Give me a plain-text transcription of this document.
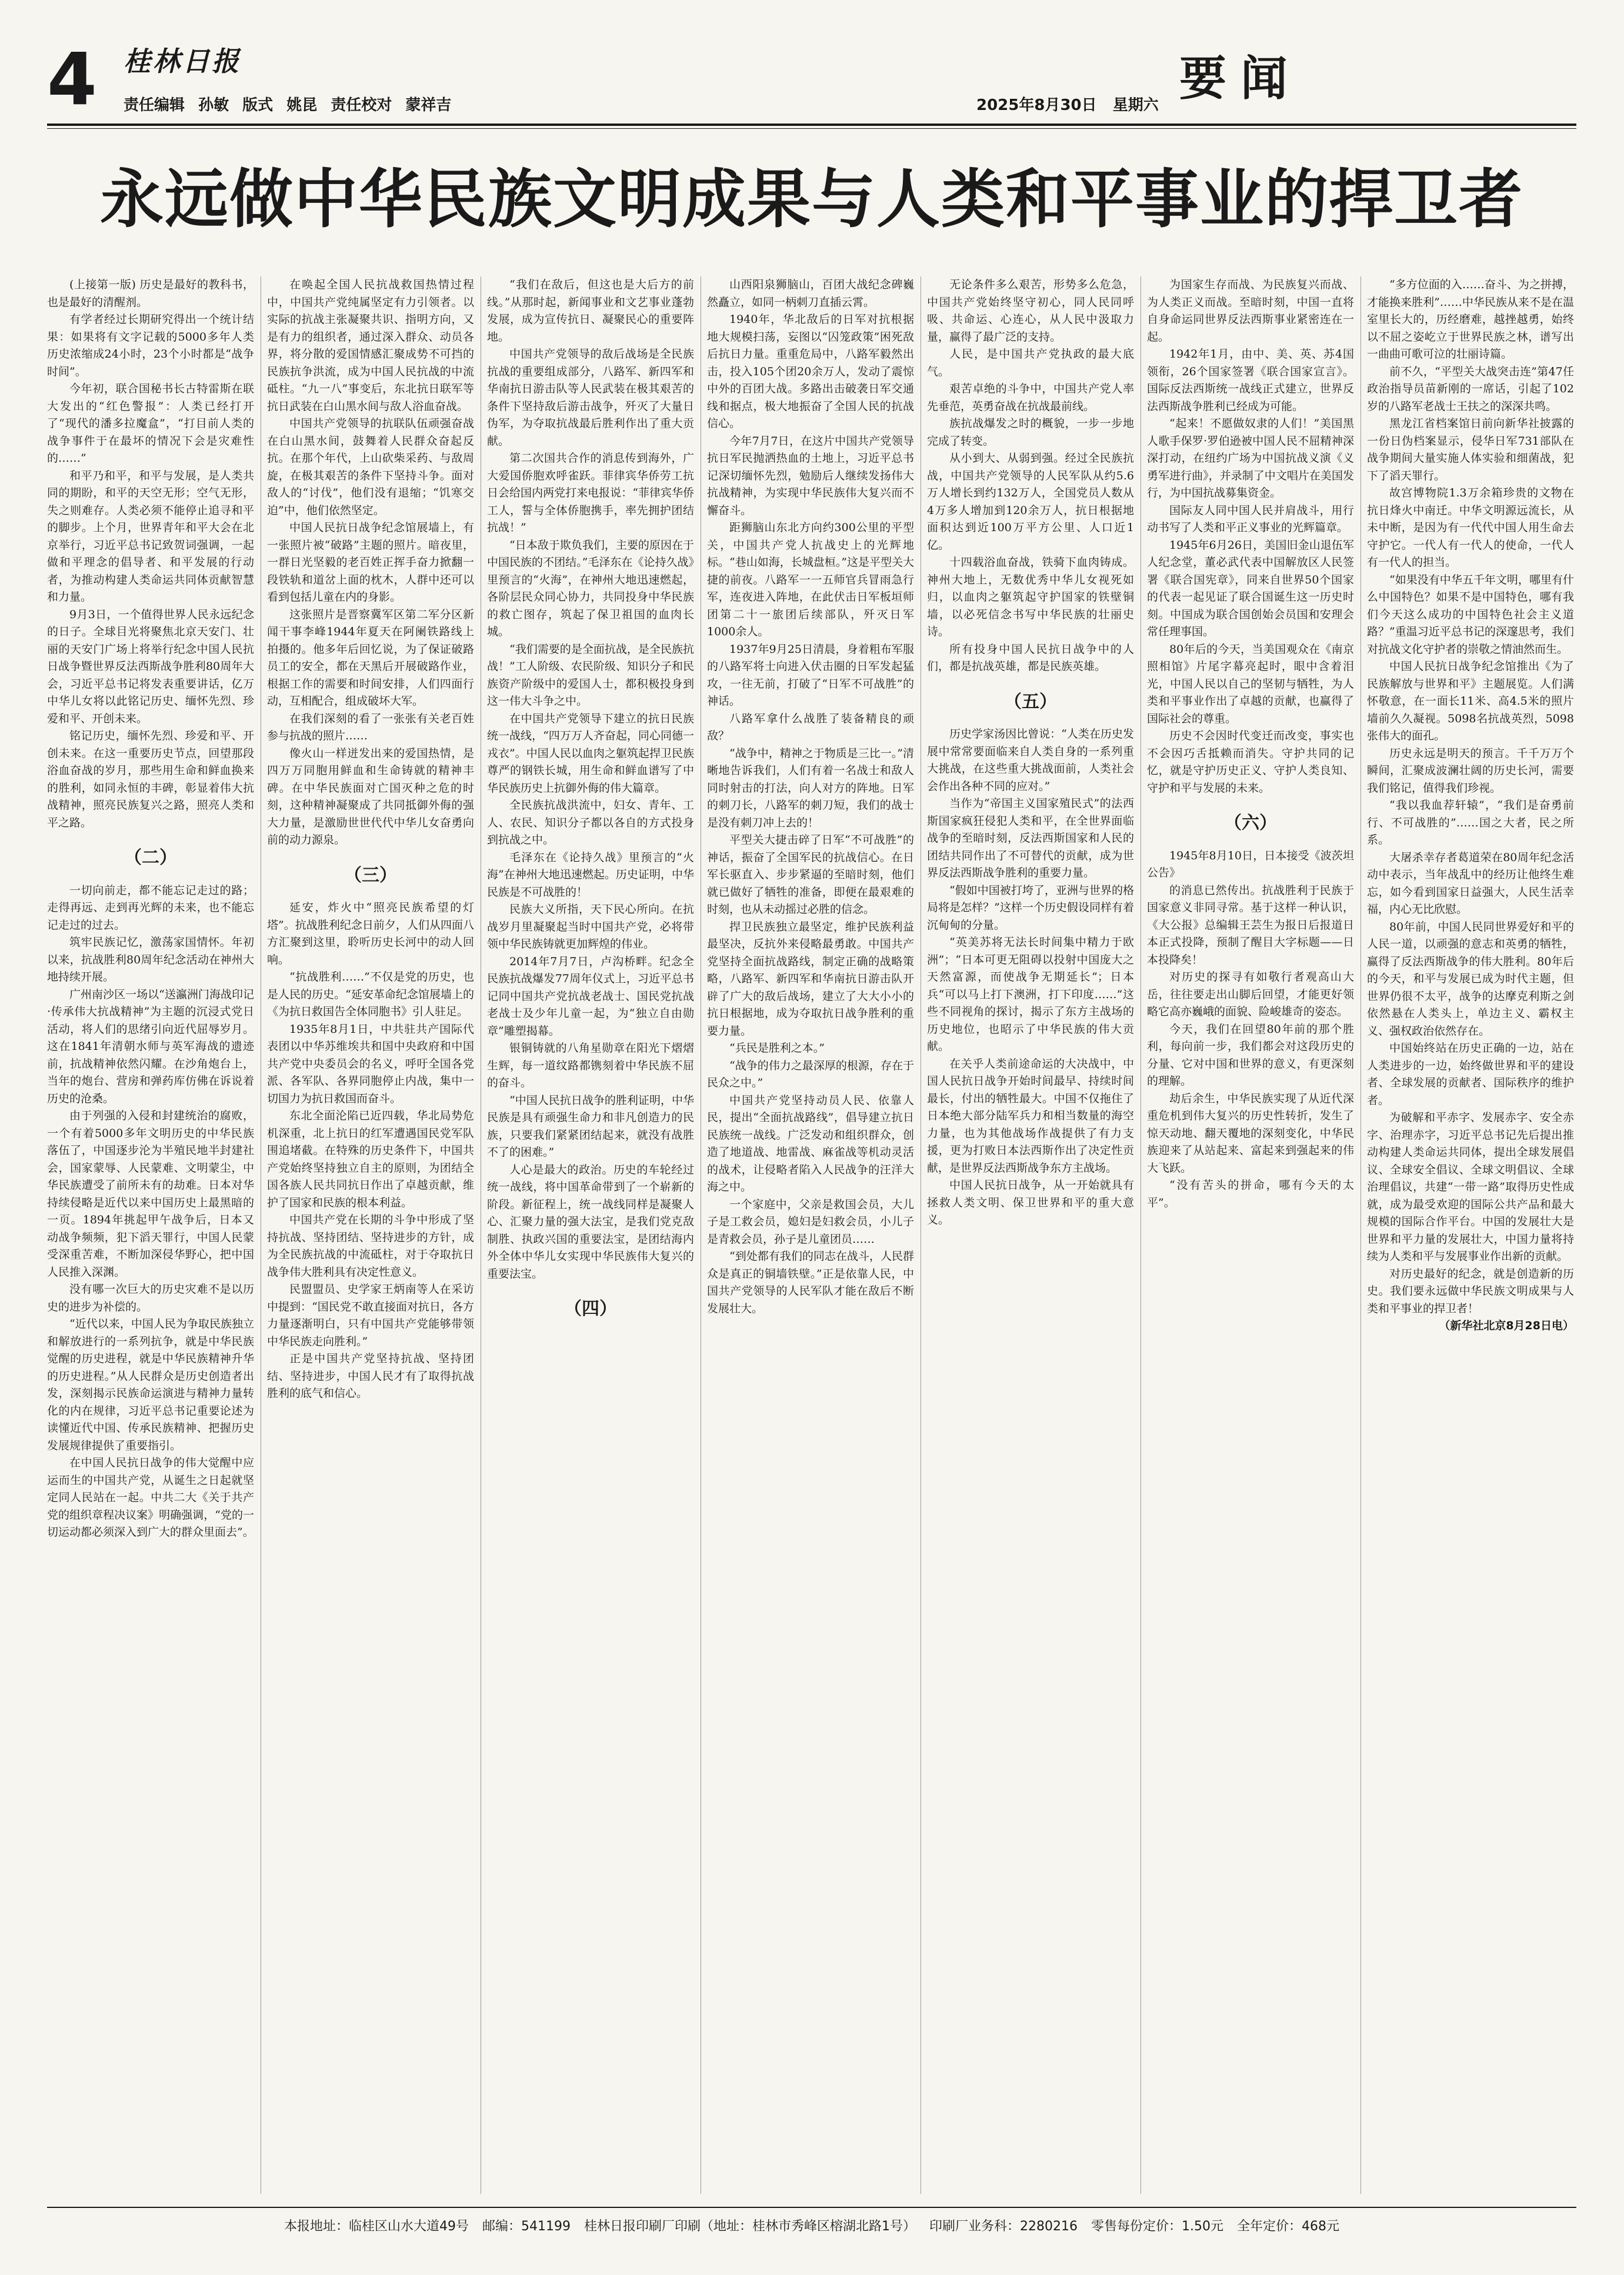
4 桂林日报
责任编辑 孙敏 版式 姚昆 责任校对 蒙祥吉	2025年8月30日 星期六 要闻
永远做中华民族文明成果与人类和平事业的捍卫者

(上接第一版) 历史是最好的教科书，也是最好的清醒剂。

有学者经过长期研究得出一个统计结果：如果将有文字记载的5000多年人类历史浓缩成24小时，23个小时都是“战争时间”。

今年初，联合国秘书长古特雷斯在联大发出的“红色警报”：人类已经打开了“现代的潘多拉魔盒”，“打目前人类的战争事件于在最坏的情况下会是灾难性的……”

和平乃和平，和平与发展，是人类共同的期盼，和平的天空无形；空气无形，失之则难存。人类必须不能停止追寻和平的脚步。上个月，世界青年和平大会在北京举行，习近平总书记致贺词强调，一起做和平理念的倡导者、和平发展的行动者，为推动构建人类命运共同体贡献智慧和力量。

9月3日，一个值得世界人民永远纪念的日子。全球目光将聚焦北京天安门、壮丽的天安门广场上将举行纪念中国人民抗日战争暨世界反法西斯战争胜利80周年大会，习近平总书记将发表重要讲话，亿万中华儿女将以此铭记历史、缅怀先烈、珍爱和平、开创未来。

铭记历史，缅怀先烈、珍爱和平、开创未来。在这一重要历史节点，回望那段浴血奋战的岁月，那些用生命和鲜血换来的胜利，如同永恒的丰碑，彰显着伟大抗战精神，照亮民族复兴之路，照亮人类和平之路。

（二）

一切向前走，都不能忘记走过的路；走得再远、走到再光辉的未来，也不能忘记走过的过去。

筑牢民族记忆，激荡家国情怀。年初以来，抗战胜利80周年纪念活动在神州大地持续开展。

广州南沙区一场以“送瀛洲门海战印记·传承伟大抗战精神”为主题的沉浸式党日活动，将人们的思绪引向近代屈辱岁月。这在1841年清朝水师与英军海战的遗迹前，抗战精神依然闪耀。在沙角炮台上，当年的炮台、营房和弹药库仿佛在诉说着历史的沧桑。

由于列强的入侵和封建统治的腐败，一个有着5000多年文明历史的中华民族落伍了，中国逐步沦为半殖民地半封建社会，国家蒙辱、人民蒙难、文明蒙尘，中华民族遭受了前所未有的劫难。日本对华持续侵略是近代以来中国历史上最黑暗的一页。1894年挑起甲午战争后，日本又动战争频频，犯下滔天罪行，中国人民蒙受深重苦难，不断加深侵华野心，把中国人民推入深渊。

没有哪一次巨大的历史灾难不是以历史的进步为补偿的。

“近代以来，中国人民为争取民族独立和解放进行的一系列抗争，就是中华民族觉醒的历史进程，就是中华民族精神升华的历史进程。”从人民群众是历史创造者出发，深刻揭示民族命运演进与精神力量转化的内在规律，习近平总书记重要论述为读懂近代中国、传承民族精神、把握历史发展规律提供了重要指引。

在中国人民抗日战争的伟大觉醒中应运而生的中国共产党，从诞生之日起就坚定同人民站在一起。中共二大《关于共产党的组织章程决议案》明确强调，“党的一切运动都必须深入到广大的群众里面去”。

在唤起全国人民抗战救国热情过程中，中国共产党纯属坚定有力引领者。以实际的抗战主张凝聚共识、指明方向，又是有力的组织者，通过深入群众、动员各界，将分散的爱国情感汇聚成势不可挡的民族抗争洪流，成为中国人民抗战的中流砥柱。“九一八”事变后，东北抗日联军等抗日武装在白山黑水间与敌人浴血奋战。

中国共产党领导的抗联队伍顽强奋战在白山黑水间，鼓舞着人民群众奋起反抗。在那个年代，上山砍柴采药、与敌周旋，在极其艰苦的条件下坚持斗争。面对敌人的“讨伐”，他们没有退缩；“饥寒交迫”中，他们依然坚定。

中国人民抗日战争纪念馆展墙上，有一张照片被“破路”主题的照片。暗夜里，一群日光坚毅的老百姓正挥手奋力掀翻一段铁轨和道岔上面的枕木，人群中还可以看到包括儿童在内的身影。

这张照片是晋察冀军区第二军分区新闻干事李峰1944年夏天在阿阑铁路线上拍摄的。他多年后回忆说，为了保证破路员工的安全，都在天黑后开展破路作业，根据工作的需要和时间安排，人们四面行动，互相配合，组成破坏大军。

在我们深刻的看了一张张有关老百姓参与抗战的照片……

像火山一样迸发出来的爱国热情，是四万万同胞用鲜血和生命铸就的精神丰碑。在中华民族面对亡国灭种之危的时刻，这种精神凝聚成了共同抵御外侮的强大力量，是激励世世代代中华儿女奋勇向前的动力源泉。

（三）

延安，炸火中“照亮民族希望的灯塔”。抗战胜利纪念日前夕，人们从四面八方汇聚到这里，聆听历史长河中的动人回响。

“抗战胜利……”不仅是党的历史，也是人民的历史。“延安革命纪念馆展墙上的《为抗日救国告全体同胞书》引人驻足。

1935年8月1日，中共驻共产国际代表团以中华苏维埃共和国中央政府和中国共产党中央委员会的名义，呼吁全国各党派、各军队、各界同胞停止内战，集中一切国力为抗日救国而奋斗。

东北全面沦陷已近四载，华北局势危机深重，北上抗日的红军遭遇国民党军队围追堵截。在特殊的历史条件下，中国共产党始终坚持独立自主的原则，为团结全国各族人民共同抗日作出了卓越贡献，维护了国家和民族的根本利益。

中国共产党在长期的斗争中形成了坚持抗战、坚持团结、坚持进步的方针，成为全民族抗战的中流砥柱，对于夺取抗日战争伟大胜利具有决定性意义。

民盟盟员、史学家王炳南等人在采访中提到：“国民党不敢直接面对抗日，各方力量逐渐明白，只有中国共产党能够带领中华民族走向胜利。”

正是中国共产党坚持抗战、坚持团结、坚持进步，中国人民才有了取得抗战胜利的底气和信心。

“我们在敌后，但这也是大后方的前线。”从那时起，新闻事业和文艺事业蓬勃发展，成为宣传抗日、凝聚民心的重要阵地。

中国共产党领导的敌后战场是全民族抗战的重要组成部分，八路军、新四军和华南抗日游击队等人民武装在极其艰苦的条件下坚持敌后游击战争，歼灭了大量日伪军，为夺取抗战最后胜利作出了重大贡献。

第二次国共合作的消息传到海外，广大爱国侨胞欢呼雀跃。菲律宾华侨劳工抗日会给国内两党打来电报说：“菲律宾华侨工人，誓与全体侨胞携手，率先拥护团结抗战！”

“日本敌于欺负我们，主要的原因在于中国民族的不团结。”毛泽东在《论持久战》里预言的“火海”，在神州大地迅速燃起，各阶层民众同心协力，共同投身中华民族的救亡图存，筑起了保卫祖国的血肉长城。

“我们需要的是全面抗战，是全民族抗战！”工人阶级、农民阶级、知识分子和民族资产阶级中的爱国人士，都积极投身到这一伟大斗争之中。

在中国共产党领导下建立的抗日民族统一战线，“四万万人齐奋起，同心同德一戎衣”。中国人民以血肉之躯筑起捍卫民族尊严的钢铁长城，用生命和鲜血谱写了中华民族历史上抗御外侮的伟大篇章。

全民族抗战洪流中，妇女、青年、工人、农民、知识分子都以各自的方式投身到抗战之中。

毛泽东在《论持久战》里预言的“火海”在神州大地迅速燃起。历史证明，中华民族是不可战胜的！

民族大义所指，天下民心所向。在抗战岁月里凝聚起当时中国共产党，必将带领中华民族铸就更加辉煌的伟业。

2014年7月7日，卢沟桥畔。纪念全民族抗战爆发77周年仪式上，习近平总书记同中国共产党抗战老战士、国民党抗战老战士及少年儿童一起，为“独立自由勋章”雕塑揭幕。

银铜铸就的八角星勋章在阳光下熠熠生辉，每一道纹路都镌刻着中华民族不屈的奋斗。

“中国人民抗日战争的胜利证明，中华民族是具有顽强生命力和非凡创造力的民族，只要我们紧紧团结起来，就没有战胜不了的困难。”

人心是最大的政治。历史的车轮经过统一战线，将中国革命带到了一个崭新的阶段。新征程上，统一战线同样是凝聚人心、汇聚力量的强大法宝，是我们党克敌制胜、执政兴国的重要法宝，是团结海内外全体中华儿女实现中华民族伟大复兴的重要法宝。

（四）

山西阳泉狮脑山，百团大战纪念碑巍然矗立，如同一柄刺刀直插云霄。

1940年，华北敌后的日军对抗根据地大规模扫荡，妄图以“囚笼政策”困死敌后抗日力量。重重危局中，八路军毅然出击，投入105个团20余万人，发动了震惊中外的百团大战。多路出击破袭日军交通线和据点，极大地振奋了全国人民的抗战信心。

今年7月7日，在这片中国共产党领导抗日军民抛洒热血的土地上，习近平总书记深切缅怀先烈，勉励后人继续发扬伟大抗战精神，为实现中华民族伟大复兴而不懈奋斗。

距狮脑山东北方向约300公里的平型关，中国共产党人抗战史上的光辉地标。“巷山如海，长城盘桓。”这是平型关大捷的前夜。八路军一一五师官兵冒雨急行军，连夜进入阵地，在此伏击日军板垣师团第二十一旅团后续部队，歼灭日军1000余人。

1937年9月25日清晨，身着粗布军服的八路军将士向进入伏击圈的日军发起猛攻，一往无前，打破了“日军不可战胜”的神话。

八路军拿什么战胜了装备精良的顽敌？

“战争中，精神之于物质是三比一。”清晰地告诉我们，人们有着一名战士和敌人同时射击的打法，向人对方的阵地。日军的刺刀长，八路军的刺刀短，我们的战士是没有刺刀冲上去的！

平型关大捷击碎了日军“不可战胜”的神话，振奋了全国军民的抗战信心。在日军长驱直入、步步紧逼的至暗时刻，他们就已做好了牺牲的准备，即便在最艰难的时刻，也从未动摇过必胜的信念。

捍卫民族独立最坚定，维护民族利益最坚决，反抗外来侵略最勇敢。中国共产党坚持全面抗战路线，制定正确的战略策略，八路军、新四军和华南抗日游击队开辟了广大的敌后战场，建立了大大小小的抗日根据地，成为夺取抗日战争胜利的重要力量。

“兵民是胜利之本。”

“战争的伟力之最深厚的根源，存在于民众之中。”

中国共产党坚持动员人民、依靠人民，提出“全面抗战路线”，倡导建立抗日民族统一战线。广泛发动和组织群众，创造了地道战、地雷战、麻雀战等机动灵活的战术，让侵略者陷入人民战争的汪洋大海之中。

一个家庭中，父亲是救国会员，大儿子是工救会员，媳妇是妇救会员，小儿子是青救会员，孙子是儿童团员……

“到处都有我们的同志在战斗，人民群众是真正的铜墙铁壁。”正是依靠人民，中国共产党领导的人民军队才能在敌后不断发展壮大。

无论条件多么艰苦，形势多么危急，中国共产党始终坚守初心，同人民同呼吸、共命运、心连心，从人民中汲取力量，赢得了最广泛的支持。

人民，是中国共产党执政的最大底气。

艰苦卓绝的斗争中，中国共产党人率先垂范，英勇奋战在抗战最前线。

族抗战爆发之时的概貌，一步一步地完成了转变。

从小到大、从弱到强。经过全民族抗战，中国共产党领导的人民军队从约5.6万人增长到约132万人，全国党员人数从4万多人增加到120余万人，抗日根据地面积达到近100万平方公里、人口近1亿。

十四载浴血奋战，铁骑下血肉铸成。神州大地上，无数优秀中华儿女视死如归，以血肉之躯筑起守护国家的铁壁铜墙，以必死信念书写中华民族的壮丽史诗。

所有投身中国人民抗日战争中的人们，都是抗战英雄，都是民族英雄。

（五）

历史学家汤因比曾说：“人类在历史发展中常常要面临来自人类自身的一系列重大挑战，在这些重大挑战面前，人类社会会作出各种不同的应对。”

当作为“帝国主义国家殖民式”的法西斯国家疯狂侵犯人类和平，在全世界面临战争的至暗时刻，反法西斯国家和人民的团结共同作出了不可替代的贡献，成为世界反法西斯战争胜利的重要力量。

“假如中国被打垮了，亚洲与世界的格局将是怎样？”这样一个历史假设同样有着沉甸甸的分量。

“英美苏将无法长时间集中精力于欧洲”；“日本可更无阻碍以投射中国庞大之天然富源，而使战争无期延长”；日本兵“可以马上打下澳洲，打下印度……”这些不同视角的探讨，揭示了东方主战场的历史地位，也昭示了中华民族的伟大贡献。

在关乎人类前途命运的大决战中，中国人民抗日战争开始时间最早、持续时间最长，付出的牺牲最大。中国不仅拖住了日本绝大部分陆军兵力和相当数量的海空力量，也为其他战场作战提供了有力支援，更为打败日本法西斯作出了决定性贡献，是世界反法西斯战争东方主战场。

中国人民抗日战争，从一开始就具有拯救人类文明、保卫世界和平的重大意义。

为国家生存而战、为民族复兴而战、为人类正义而战。至暗时刻，中国一直将自身命运同世界反法西斯事业紧密连在一起。

1942年1月，由中、美、英、苏4国领衔，26个国家签署《联合国家宣言》。国际反法西斯统一战线正式建立，世界反法西斯战争胜利已经成为可能。

“起来！不愿做奴隶的人们！”美国黑人歌手保罗·罗伯逊被中国人民不屈精神深深打动，在纽约广场为中国抗战义演《义勇军进行曲》，并录制了中文唱片在美国发行，为中国抗战募集资金。

国际友人同中国人民并肩战斗，用行动书写了人类和平正义事业的光辉篇章。

1945年6月26日，美国旧金山退伍军人纪念堂，董必武代表中国解放区人民签署《联合国宪章》，同来自世界50个国家的代表一起见证了联合国诞生这一历史时刻。中国成为联合国创始会员国和安理会常任理事国。

80年后的今天，当美国观众在《南京照相馆》片尾字幕亮起时，眼中含着泪光，中国人民以自己的坚韧与牺牲，为人类和平事业作出了卓越的贡献，也赢得了国际社会的尊重。

历史不会因时代变迁而改变，事实也不会因巧舌抵赖而消失。守护共同的记忆，就是守护历史正义、守护人类良知、守护和平与发展的未来。

（六）

1945年8月10日，日本接受《波茨坦公告》

的消息已然传出。抗战胜利于民族于国家意义非同寻常。基于这样一种认识，《大公报》总编辑王芸生为报日后报道日本正式投降，预制了醒目大字标题——日本投降矣！

对历史的探寻有如敬行者观高山大岳，往往要走出山脚后回望，才能更好领略它高亦巍峨的面貌、险峻雄奇的姿态。

今天，我们在回望80年前的那个胜利，每向前一步，我们都会对这段历史的分量、它对中国和世界的意义，有更深刻的理解。

劫后余生，中华民族实现了从近代深重危机到伟大复兴的历史性转折，发生了惊天动地、翻天覆地的深刻变化，中华民族迎来了从站起来、富起来到强起来的伟大飞跃。

“没有苦头的拼命，哪有今天的太平”。

“多方位面的入……奋斗、为之拼搏，才能换来胜利”……中华民族从来不是在温室里长大的，历经磨难，越挫越勇，始终以不屈之姿屹立于世界民族之林，谱写出一曲曲可歌可泣的壮丽诗篇。

前不久，“平型关大战突击连”第47任政治指导员苗新刚的一席话，引起了102岁的八路军老战士王扶之的深深共鸣。

黑龙江省档案馆日前向新华社披露的一份日伪档案显示，侵华日军731部队在战争期间大量实施人体实验和细菌战，犯下了滔天罪行。

故宫博物院1.3万余箱珍贵的文物在抗日烽火中南迁。中华文明源远流长，从未中断，是因为有一代代中国人用生命去守护它。一代人有一代人的使命，一代人有一代人的担当。

“如果没有中华五千年文明，哪里有什么中国特色？如果不是中国特色，哪有我们今天这么成功的中国特色社会主义道路？”重温习近平总书记的深邃思考，我们对抗战文化守护者的崇敬之情油然而生。

中国人民抗日战争纪念馆推出《为了民族解放与世界和平》主题展览。人们满怀敬意，在一面长11米、高4.5米的照片墙前久久凝视。5098名抗战英烈，5098张伟大的面孔。

历史永远是明天的预言。千千万万个瞬间，汇聚成波澜壮阔的历史长河，需要我们铭记，值得我们珍视。

“我以我血荐轩辕”，“我们是奋勇前行、不可战胜的”……国之大者，民之所系。

大屠杀幸存者葛道荣在80周年纪念活动中表示，当年战乱中的经历让他终生难忘，如今看到国家日益强大，人民生活幸福，内心无比欣慰。

80年前，中国人民同世界爱好和平的人民一道，以顽强的意志和英勇的牺牲，赢得了反法西斯战争的伟大胜利。80年后的今天，和平与发展已成为时代主题，但世界仍很不太平，战争的达摩克利斯之剑依然悬在人类头上，单边主义、霸权主义、强权政治依然存在。

中国始终站在历史正确的一边，站在人类进步的一边，始终做世界和平的建设者、全球发展的贡献者、国际秩序的维护者。

为破解和平赤字、发展赤字、安全赤字、治理赤字，习近平总书记先后提出推动构建人类命运共同体，提出全球发展倡议、全球安全倡议、全球文明倡议、全球治理倡议，共建“一带一路”取得历史性成就，成为最受欢迎的国际公共产品和最大规模的国际合作平台。中国的发展壮大是世界和平力量的发展壮大，中国力量将持续为人类和平与发展事业作出新的贡献。

对历史最好的纪念，就是创造新的历史。我们要永远做中华民族文明成果与人类和平事业的捍卫者！

（新华社北京8月28日电）

本报地址：临桂区山水大道49号 邮编：541199 桂林日报印刷厂印刷（地址：桂林市秀峰区榕湖北路1号） 印刷厂业务科：2280216 零售每份定价：1.50元 全年定价：468元
